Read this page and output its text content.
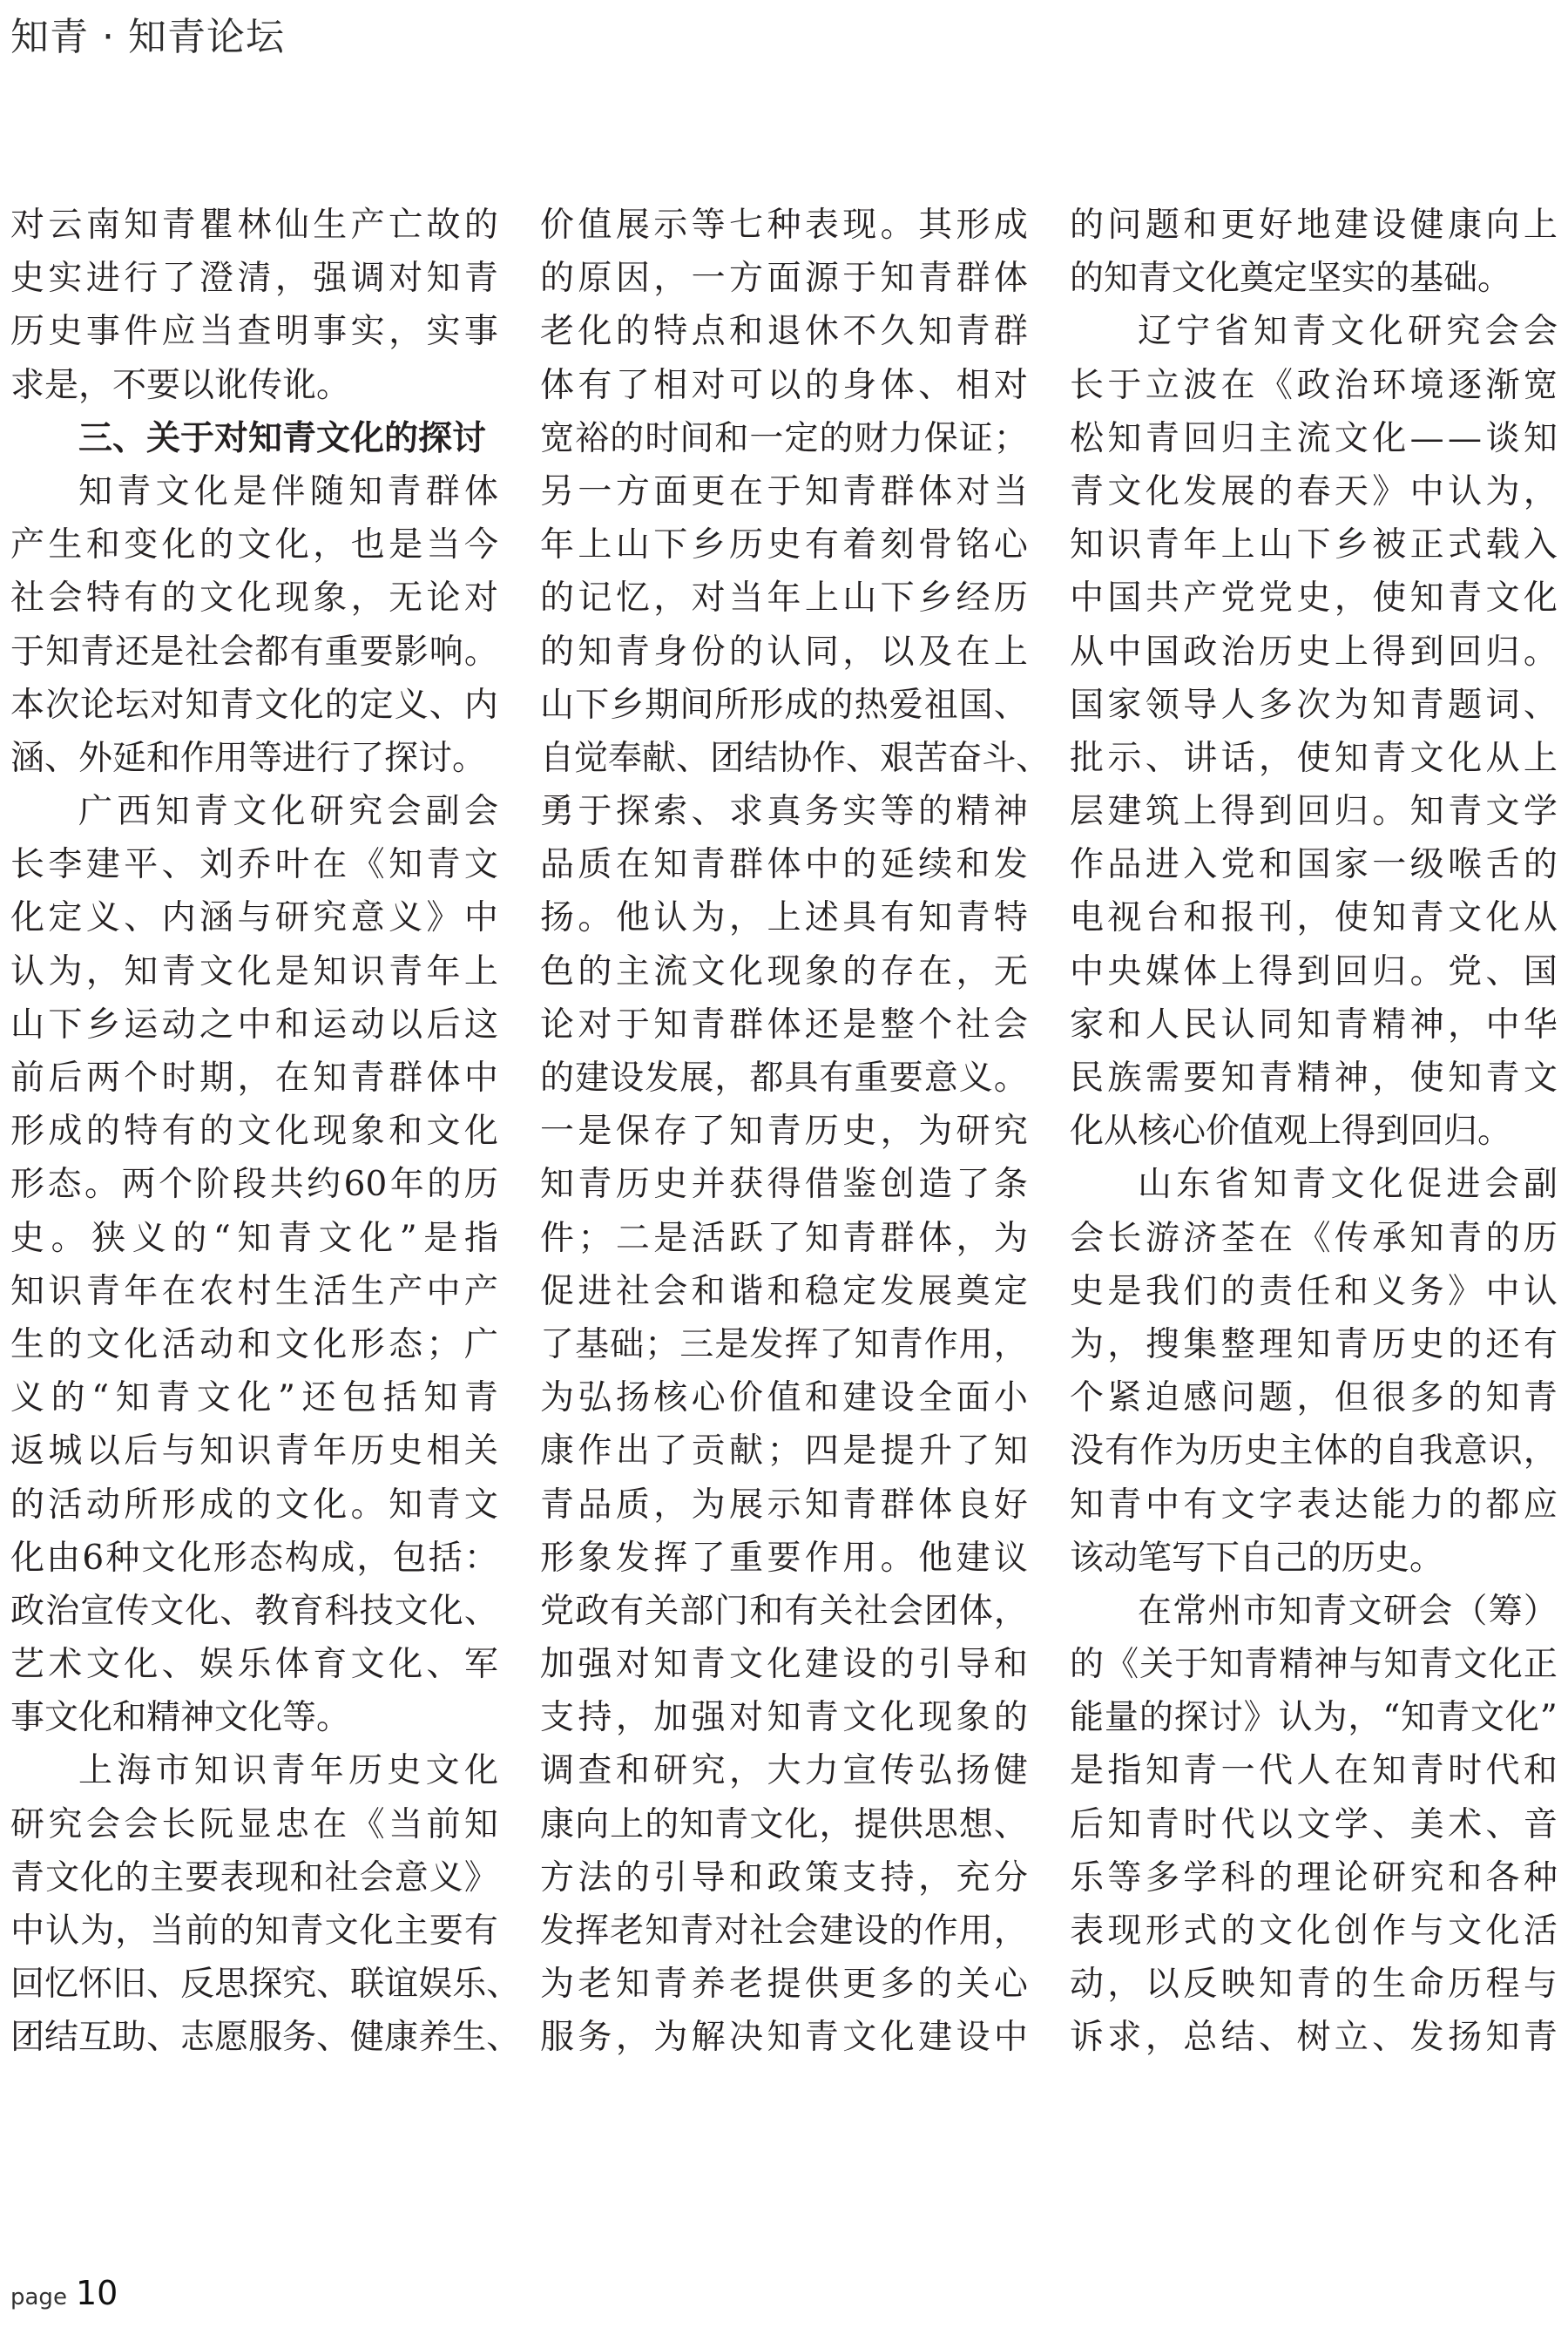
知青 · 知青论坛
对 云 南 知 青 瞿 林 仙 生 产 亡 故 的
史 实 进 行 了 澄 清 ， 强 调 对 知 青
历 史 事 件 应 当 查 明 事 实 ， 实 事
求是，不要以讹传讹。
三、关于对知青文化的探讨
知 青 文 化 是 伴 随 知 青 群 体
产 生 和 变 化 的 文 化 ， 也 是 当 今
社 会 特 有 的 文 化 现 象 ， 无 论 对
于 知 青 还 是 社 会 都 有 重 要 影 响 。
本 次 论 坛 对 知 青 文 化 的 定 义 、 内
涵、外延和作用等进行了探讨。
广 西 知 青 文 化 研 究 会 副 会
长 李 建 平 、 刘 乔 叶 在 《 知 青 文
化 定 义 、 内 涵 与 研 究 意 义 》 中
认 为 ， 知 青 文 化 是 知 识 青 年 上
山 下 乡 运 动 之 中 和 运 动 以 后 这
前 后 两 个 时 期 ， 在 知 青 群 体 中
形 成 的 特 有 的 文 化 现 象 和 文 化
形 态 。 两 个 阶 段 共 约 60 年 的 历
史 。 狭 义 的 “ 知 青 文 化 ” 是 指
知 识 青 年 在 农 村 生 活 生 产 中 产
生 的 文 化 活 动 和 文 化 形 态 ； 广
义 的 “ 知 青 文 化 ” 还 包 括 知 青
返 城 以 后 与 知 识 青 年 历 史 相 关
的 活 动 所 形 成 的 文 化 。 知 青 文
化 由 6 种 文 化 形 态 构 成 ， 包 括 ：
政 治 宣 传 文 化 、 教 育 科 技 文 化 、
艺 术 文 化 、 娱 乐 体 育 文 化 、 军
事文化和精神文化等。
上 海 市 知 识 青 年 历 史 文 化
研 究 会 会 长 阮 显 忠 在 《 当 前 知
青 文 化 的 主 要 表 现 和 社 会 意 义 》
中 认 为 ， 当 前 的 知 青 文 化 主 要 有
回 忆 怀 旧 、 反 思 探 究 、 联 谊 娱 乐 、
团 结 互 助 、 志 愿 服 务 、 健 康 养 生 、
价 值 展 示 等 七 种 表 现 。 其 形 成
的 原 因 ， 一 方 面 源 于 知 青 群 体
老 化 的 特 点 和 退 休 不 久 知 青 群
体 有 了 相 对 可 以 的 身 体 、 相 对
宽 裕 的 时 间 和 一 定 的 财 力 保 证 ；
另 一 方 面 更 在 于 知 青 群 体 对 当
年 上 山 下 乡 历 史 有 着 刻 骨 铭 心
的 记 忆 ， 对 当 年 上 山 下 乡 经 历
的 知 青 身 份 的 认 同 ， 以 及 在 上
山 下 乡 期 间 所 形 成 的 热 爱 祖 国 、
自 觉 奉 献 、 团 结 协 作 、 艰 苦 奋 斗 、
勇 于 探 索 、 求 真 务 实 等 的 精 神
品 质 在 知 青 群 体 中 的 延 续 和 发
扬 。 他 认 为 ， 上 述 具 有 知 青 特
色 的 主 流 文 化 现 象 的 存 在 ， 无
论 对 于 知 青 群 体 还 是 整 个 社 会
的 建 设 发 展 ， 都 具 有 重 要 意 义 。
一 是 保 存 了 知 青 历 史 ， 为 研 究
知 青 历 史 并 获 得 借 鉴 创 造 了 条
件 ； 二 是 活 跃 了 知 青 群 体 ， 为
促 进 社 会 和 谐 和 稳 定 发 展 奠 定
了 基 础 ； 三 是 发 挥 了 知 青 作 用 ，
为 弘 扬 核 心 价 值 和 建 设 全 面 小
康 作 出 了 贡 献 ； 四 是 提 升 了 知
青 品 质 ， 为 展 示 知 青 群 体 良 好
形 象 发 挥 了 重 要 作 用 。 他 建 议
党 政 有 关 部 门 和 有 关 社 会 团 体 ，
加 强 对 知 青 文 化 建 设 的 引 导 和
支 持 ， 加 强 对 知 青 文 化 现 象 的
调 查 和 研 究 ， 大 力 宣 传 弘 扬 健
康 向 上 的 知 青 文 化 ， 提 供 思 想 、
方 法 的 引 导 和 政 策 支 持 ， 充 分
发 挥 老 知 青 对 社 会 建 设 的 作 用 ，
为 老 知 青 养 老 提 供 更 多 的 关 心
服 务 ， 为 解 决 知 青 文 化 建 设 中
的 问 题 和 更 好 地 建 设 健 康 向 上
的知青文化奠定坚实的基础。
辽 宁 省 知 青 文 化 研 究 会 会
长 于 立 波 在 《 政 治 环 境 逐 渐 宽
松 知 青 回 归 主 流 文 化 — — 谈 知
青 文 化 发 展 的 春 天 》 中 认 为 ，
知 识 青 年 上 山 下 乡 被 正 式 载 入
中 国 共 产 党 党 史 ， 使 知 青 文 化
从 中 国 政 治 历 史 上 得 到 回 归 。
国 家 领 导 人 多 次 为 知 青 题 词 、
批 示 、 讲 话 ， 使 知 青 文 化 从 上
层 建 筑 上 得 到 回 归 。 知 青 文 学
作 品 进 入 党 和 国 家 一 级 喉 舌 的
电 视 台 和 报 刊 ， 使 知 青 文 化 从
中 央 媒 体 上 得 到 回 归 。 党 、 国
家 和 人 民 认 同 知 青 精 神 ， 中 华
民 族 需 要 知 青 精 神 ， 使 知 青 文
化从核心价值观上得到回归。
山 东 省 知 青 文 化 促 进 会 副
会 长 游 济 荃 在 《 传 承 知 青 的 历
史 是 我 们 的 责 任 和 义 务 》 中 认
为 ， 搜 集 整 理 知 青 历 史 的 还 有
个 紧 迫 感 问 题 ， 但 很 多 的 知 青
没 有 作 为 历 史 主 体 的 自 我 意 识 ，
知 青 中 有 文 字 表 达 能 力 的 都 应
该动笔写下自己的历史。
在 常 州 市 知 青 文 研 会 （ 筹 ）
的 《 关 于 知 青 精 神 与 知 青 文 化 正
能 量 的 探 讨 》 认 为 ， “ 知 青 文 化 ”
是 指 知 青 一 代 人 在 知 青 时 代 和
后 知 青 时 代 以 文 学 、 美 术 、 音
乐 等 多 学 科 的 理 论 研 究 和 各 种
表 现 形 式 的 文 化 创 作 与 文 化 活
动 ， 以 反 映 知 青 的 生 命 历 程 与
诉 求 ， 总 结 、 树 立 、 发 扬 知 青
page 10
